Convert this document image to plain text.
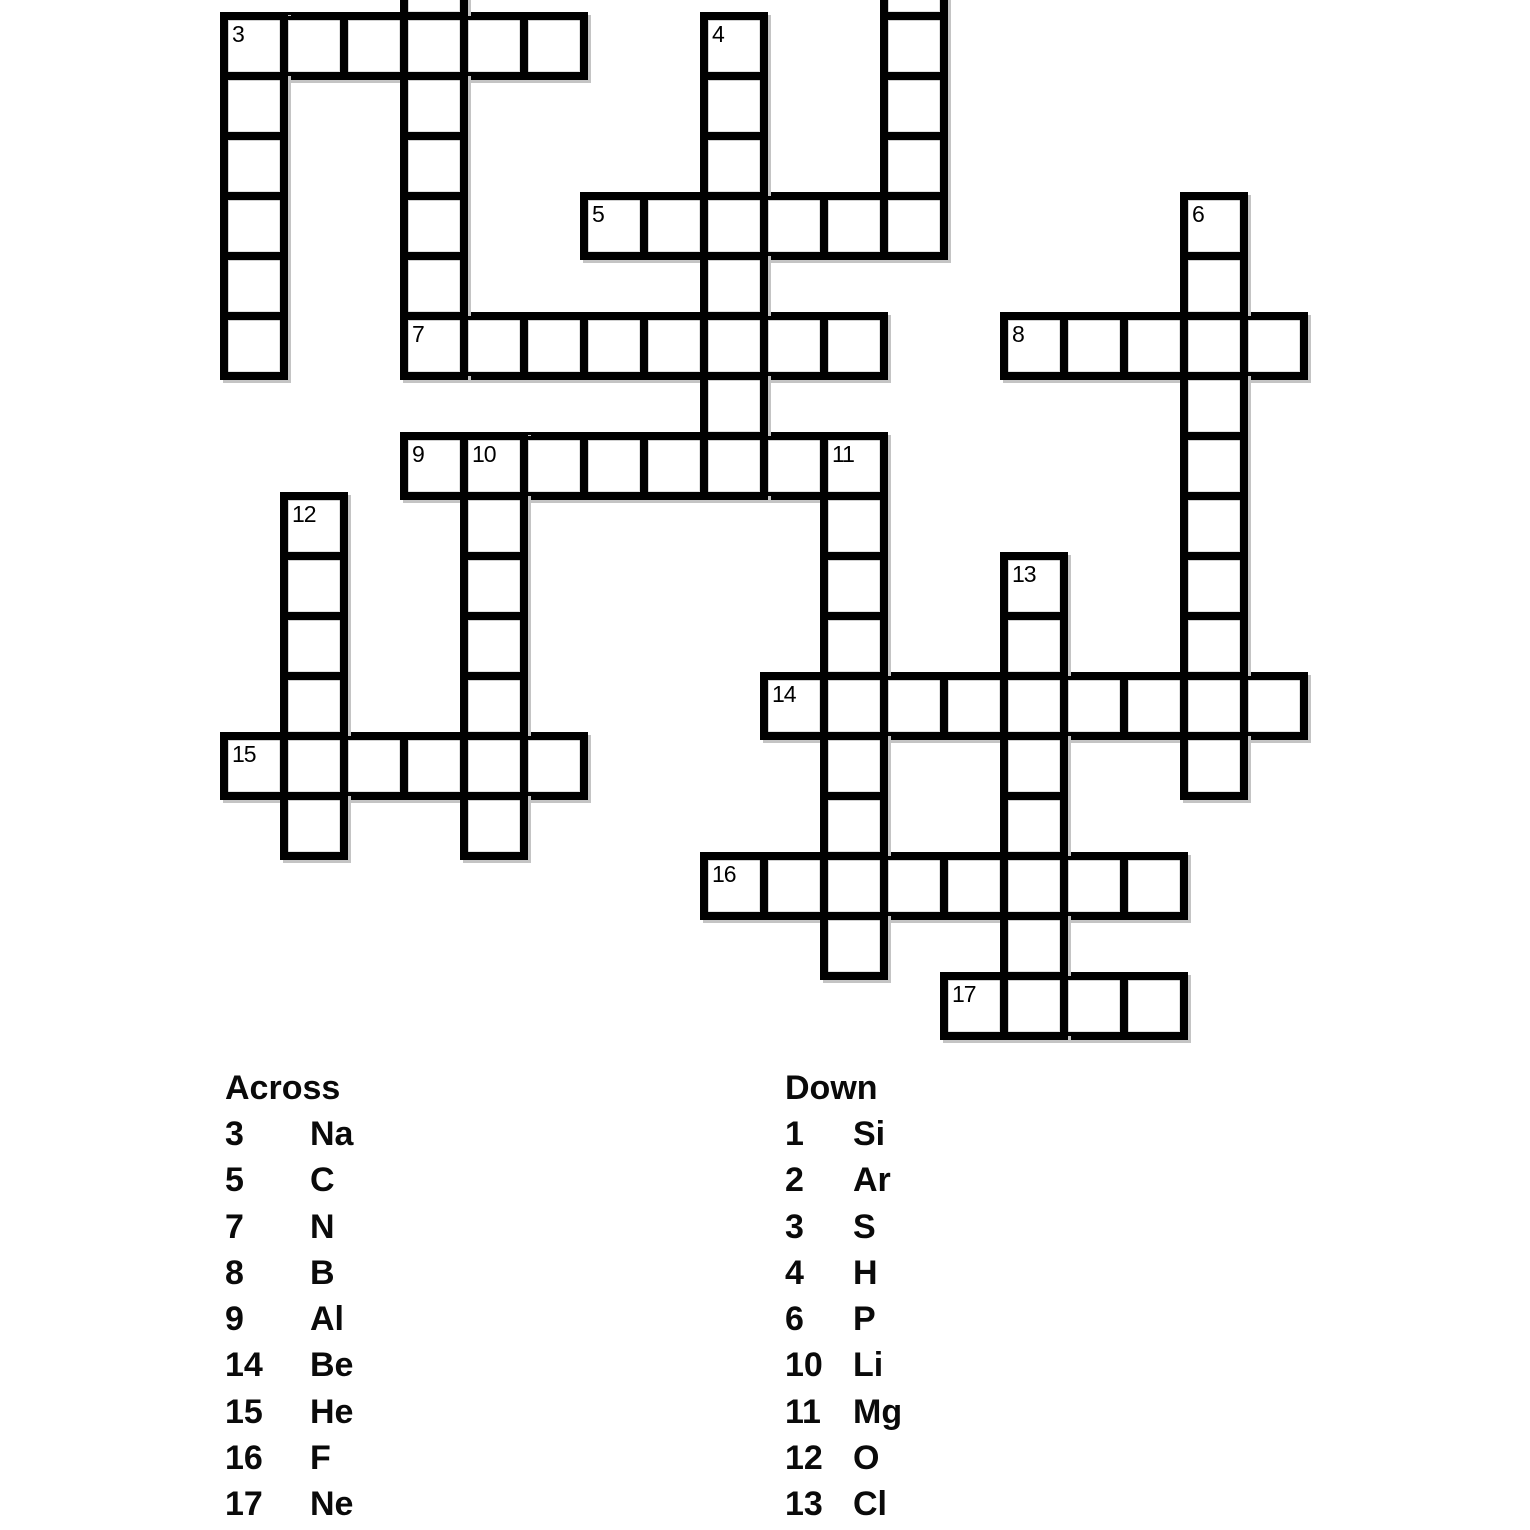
3	4
5	6
7	8
9 10	11
12
13
14
15
16
17
Across
3	Na
5	C
7	N
8	B
9	Al
14	Be
15	He
16	F
17	Ne
Down
1	Si
2	Ar
3	S
4	H
6	P
10 Li
11 Mg
12 O
13 Cl
